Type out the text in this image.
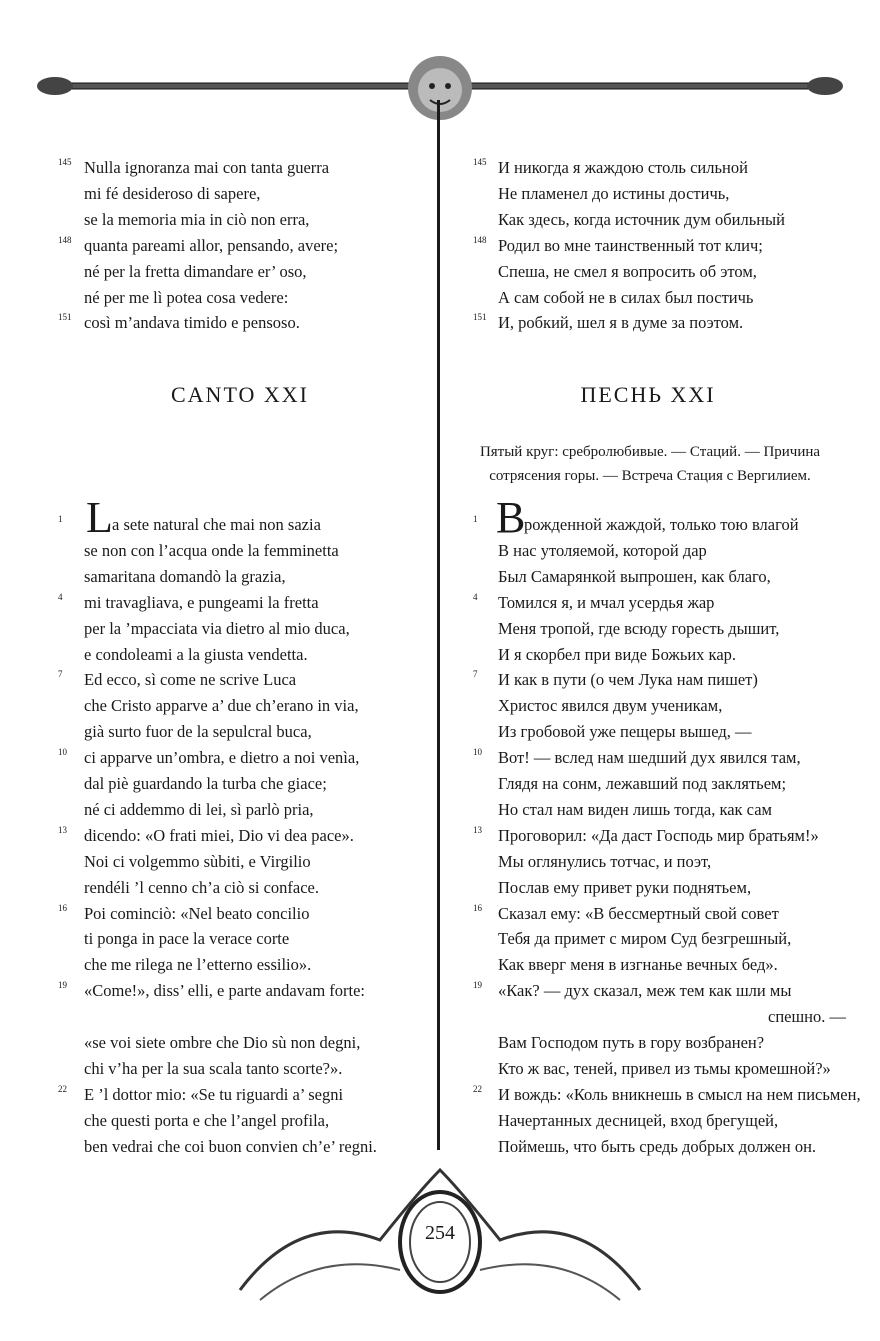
CANTO XXI	ПЕСНЬ XXI
Пятый круг: сребролюбивые. — Стаций. — Причина
сотрясения горы. — Встреча Стация с Вергилием.
L	В
254
145 Nulla ignoranza mai con tanta guerra
mi fé desideroso di sapere,
se la memoria mia in ciò non erra,
148 quanta pareami allor, pensando, avere;
né per la fretta dimandare er’ oso,
né per me lì potea cosa vedere:
151 così m’andava timido e pensoso.
145 И никогда я жаждою столь сильной
Не пламенел до истины достичь,
Как здесь, когда источник дум обильный
148 Родил во мне таинственный тот клич;
Спеша, не смел я вопросить об этом,
А сам собой не в силах был постичь
151 И, робкий, шел я в думе за поэтом.
1	a sete natural che mai non sazia
se non con l’acqua onde la femminetta
samaritana domandò la grazia,
4	mi travagliava, e pungeami la fretta
per la ’mpacciata via dietro al mio duca,
e condoleami a la giusta vendetta.
7	Ed ecco, sì come ne scrive Luca
che Cristo apparve a’ due ch’erano in via,
già surto fuor de la sepulcral buca,
10	ci apparve un’ombra, e dietro a noi venìa,
dal piè guardando la turba che giace;
né ci addemmo di lei, sì parlò pria,
13	dicendo: «O frati miei, Dio vi dea pace».
Noi ci volgemmo sùbiti, e Virgilio
rendéli ’l cenno ch’a ciò si conface.
16	Poi cominciò: «Nel beato concilio
ti ponga in pace la verace corte
che me rilega ne l’etterno essilio».
19	«Come!», diss’ elli, e parte andavam forte:
«se voi siete ombre che Dio sù non degni,
chi v’ha per la sua scala tanto scorte?».
22	E ’l dottor mio: «Se tu riguardi a’ segni
che questi porta e che l’angel profila,
ben vedrai che coi buon convien ch’e’ regni.
1	рожденной жаждой, только тою влагой
В нас утоляемой, которой дар
Был Самарянкой выпрошен, как благо,
4	Томился я, и мчал усердья жар
Меня тропой, где всюду горесть дышит,
И я скорбел при виде Божьих кар.
7	И как в пути (о чем Лука нам пишет)
Христос явился двум ученикам,
Из гробовой уже пещеры вышед, —
10 Вот! — вслед нам шедший дух явился там,
Глядя на сонм, лежавший под заклятьем;
Но стал нам виден лишь тогда, как сам
13 Проговорил: «Да даст Господь мир братьям!»
Мы оглянулись тотчас, и поэт,
Послав ему привет руки поднятьем,
16 Сказал ему: «В бессмертный свой совет
Тебя да примет с миром Суд безгрешный,
Как вверг меня в изгнанье вечных бед».
19 «Как? — дух сказал, меж тем как шли мы
спешно. —
Вам Господом путь в гору возбранен?
Кто ж вас, теней, привел из тьмы кромешной?»
22 И вождь: «Коль вникнешь в смысл на нем письмен,
Начертанных десницей, вход брегущей,
Поймешь, что быть средь добрых должен он.
